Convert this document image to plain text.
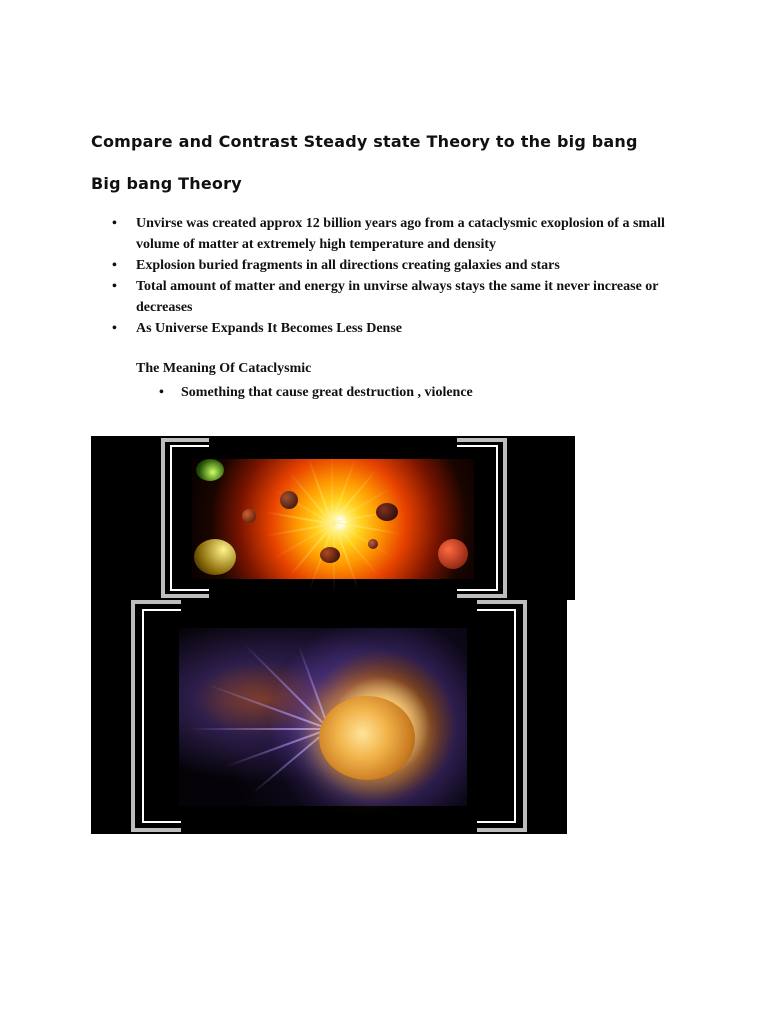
Compare and Contrast Steady state Theory to the big bang
Big bang Theory
• Unvirse was created approx 12 billion years ago from a cataclysmic exoplosion of a small volume of matter at extremely high temperature and density
• Explosion buried fragments in all directions creating galaxies and stars
• Total amount of matter and energy in unvirse always stays the same it never increase or decreases
• As Universe Expands It Becomes Less Dense

The Meaning Of Cataclysmic

• Something that cause great destruction , violence
